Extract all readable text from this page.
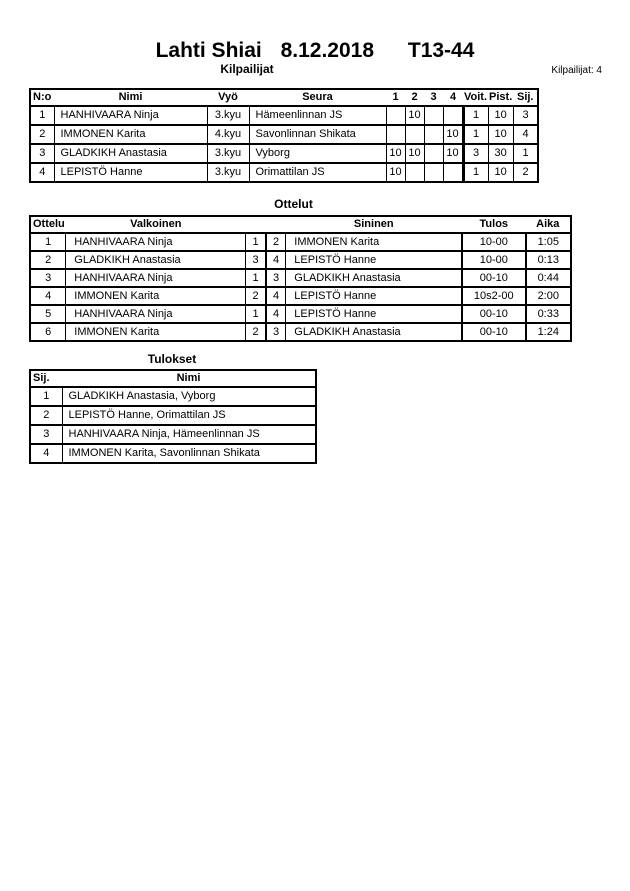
Lahti Shiai 8.12.2018 T13-44
Kilpailijat	Kilpailijat: 4
N:o	Nimi	Vyö	Seura	1	2	3	4	Voit.	Pist.	Sij.
1	HANHIVAARA Ninja	3.kyu	Hämeenlinnan JS		10			1	10	3
2	IMMONEN Karita	4.kyu	Savonlinnan Shikata				10	1	10	4
3	GLADKIKH Anastasia	3.kyu	Vyborg	10	10		10	3	30	1
4	LEPISTÖ Hanne	3.kyu	Orimattilan JS	10				1	10	2
Ottelut
Ottelu	Valkoinen			Sininen	Tulos	Aika
1	HANHIVAARA Ninja	1	2	IMMONEN Karita	10-00	1:05
2	GLADKIKH Anastasia	3	4	LEPISTÖ Hanne	10-00	0:13
3	HANHIVAARA Ninja	1	3	GLADKIKH Anastasia	00-10	0:44
4	IMMONEN Karita	2	4	LEPISTÖ Hanne	10s2-00	2:00
5	HANHIVAARA Ninja	1	4	LEPISTÖ Hanne	00-10	0:33
6	IMMONEN Karita	2	3	GLADKIKH Anastasia	00-10	1:24
Tulokset
Sij.	Nimi
1	GLADKIKH Anastasia, Vyborg
2	LEPISTÖ Hanne, Orimattilan JS
3	HANHIVAARA Ninja, Hämeenlinnan JS
4	IMMONEN Karita, Savonlinnan Shikata
